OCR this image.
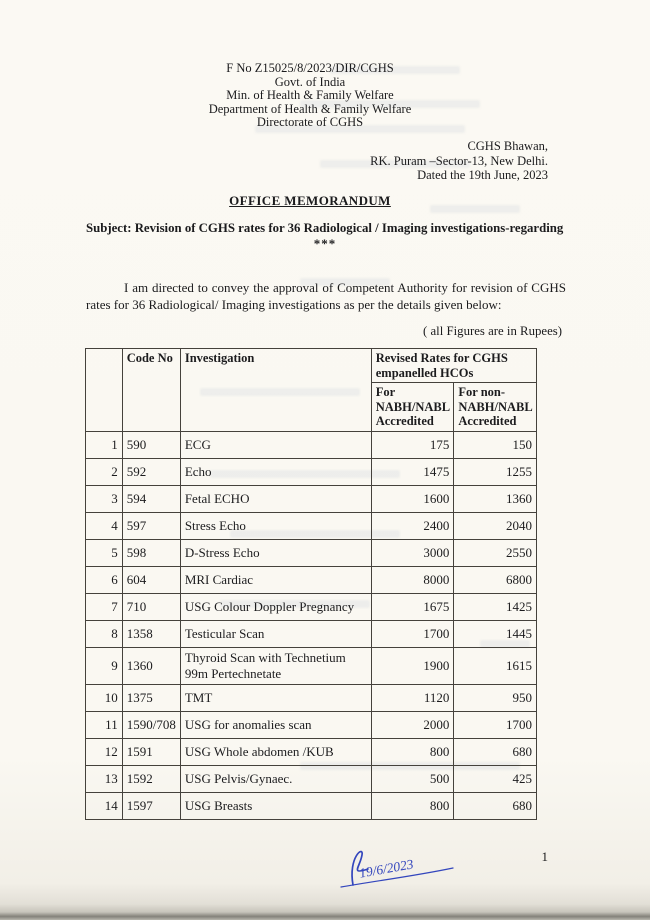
F No Z15025/8/2023/DIR/CGHS
Govt. of India
Min. of Health & Family Welfare
Department of Health & Family Welfare
Directorate of CGHS
CGHS Bhawan,
RK. Puram –Sector-13, New Delhi.
Dated the 19th June, 2023
OFFICE MEMORANDUM
Subject: Revision of CGHS rates for 36 Radiological / Imaging investigations-regarding
***
I am directed to convey the approval of Competent Authority for revision of CGHS rates for 36 Radiological/ Imaging investigations as per the details given below:
( all Figures are in Rupees)
	Code No	Investigation	Revised Rates for CGHS empanelled HCOs	
			For NABH/NABL Accredited	For non-NABH/NABL Accredited
1	590	ECG	175	150
2	592	Echo	1475	1255
3	594	Fetal ECHO	1600	1360
4	597	Stress Echo	2400	2040
5	598	D-Stress Echo	3000	2550
6	604	MRI Cardiac	8000	6800
7	710	USG Colour Doppler Pregnancy	1675	1425
8	1358	Testicular Scan	1700	1445
9	1360	Thyroid Scan with Technetium 99m Pertechnetate	1900	1615
10	1375	TMT	1120	950
11	1590/708	USG for anomalies scan	2000	1700
12	1591	USG Whole abdomen /KUB	800	680
13	1592	USG Pelvis/Gynaec.	500	425
14	1597	USG Breasts	800	680
19/6/2023	1
